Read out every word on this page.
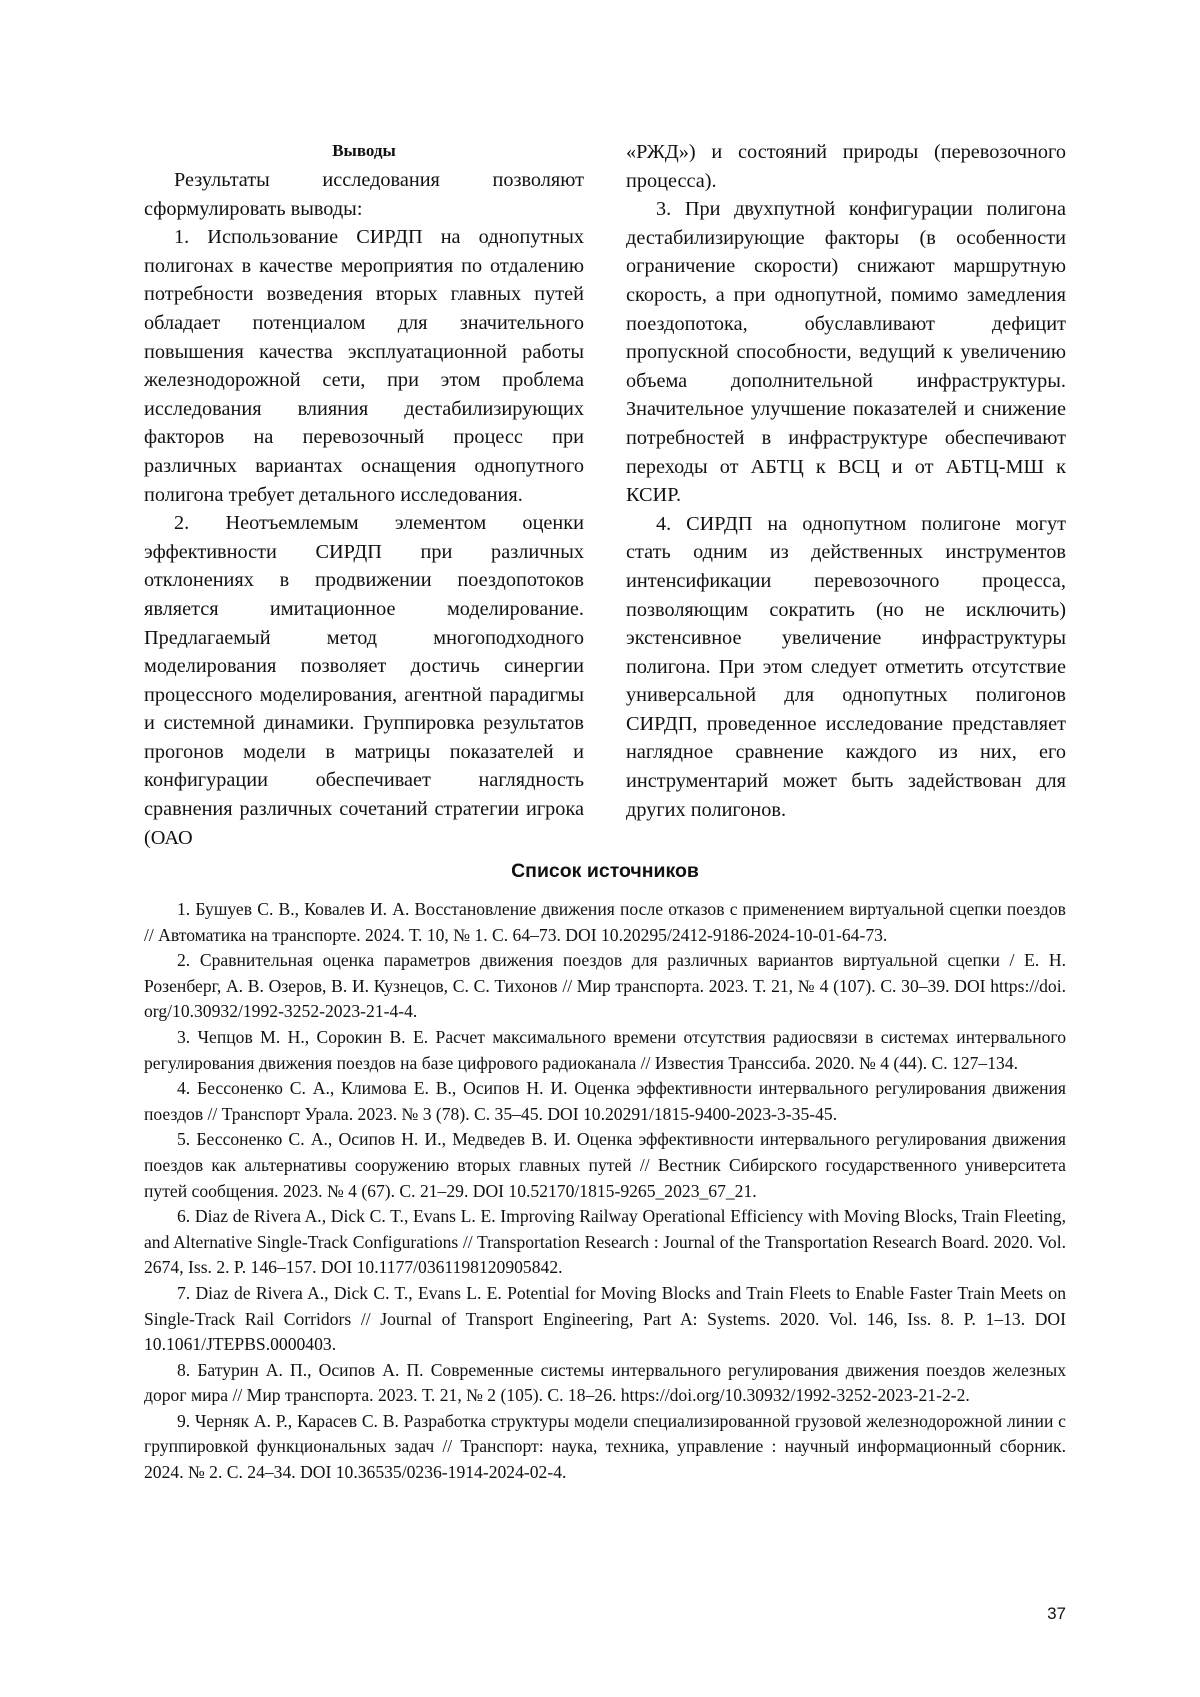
Выводы

Результаты исследования позволяют сформулировать выводы:

1. Использование СИРДП на однопутных полигонах в качестве мероприятия по отдалению потребности возведения вторых главных путей обладает потенциалом для значительного повышения качества эксплуатационной работы железнодорожной сети, при этом проблема исследования влияния дестабилизирующих факторов на перевозочный процесс при различных вариантах оснащения однопутного полигона требует детального исследования.

2. Неотъемлемым элементом оценки эффективности СИРДП при различных отклонениях в продвижении поездопотоков является имитационное моделирование. Предлагаемый метод многоподходного моделирования позволяет достичь синергии процессного моделирования, агентной парадигмы и системной динамики. Группировка результатов прогонов модели в матрицы показателей и конфигурации обеспечивает наглядность сравнения различных сочетаний стратегии игрока (ОАО

«РЖД») и состояний природы (перевозочного процесса).

3. При двухпутной конфигурации полигона дестабилизирующие факторы (в особенности ограничение скорости) снижают маршрутную скорость, а при однопутной, помимо замедления поездопотока, обуславливают дефицит пропускной способности, ведущий к увеличению объема дополнительной инфраструктуры. Значительное улучшение показателей и снижение потребностей в инфраструктуре обеспечивают переходы от АБТЦ к ВСЦ и от АБТЦ-МШ к КСИР.

4. СИРДП на однопутном полигоне могут стать одним из действенных инструментов интенсификации перевозочного процесса, позволяющим сократить (но не исключить) экстенсивное увеличение инфраструктуры полигона. При этом следует отметить отсутствие универсальной для однопутных полигонов СИРДП, проведенное исследование представляет наглядное сравнение каждого из них, его инструментарий может быть задействован для других полигонов.

Список источников

1. Бушуев С. В., Ковалев И. А. Восстановление движения после отказов с применением виртуальной сцепки поездов // Автоматика на транспорте. 2024. Т. 10, № 1. С. 64–73. DOI 10.20295/2412-9186-2024-10-01-64-73.

2. Сравнительная оценка параметров движения поездов для различных вариантов виртуальной сцепки / Е. Н. Розенберг, А. В. Озеров, В. И. Кузнецов, С. С. Тихонов // Мир транспорта. 2023. Т. 21, № 4 (107). С. 30–39. DOI https://doi. org/10.30932/1992-3252-2023-21-4-4.

3. Чепцов М. Н., Сорокин В. Е. Расчет максимального времени отсутствия радиосвязи в системах интервального регулирования движения поездов на базе цифрового радиоканала // Известия Транссиба. 2020. № 4 (44). С. 127–134.

4. Бессоненко С. А., Климова Е. В., Осипов Н. И. Оценка эффективности интервального регулирования движения поездов // Транспорт Урала. 2023. № 3 (78). С. 35–45. DOI 10.20291/1815-9400-2023-3-35-45.

5. Бессоненко С. А., Осипов Н. И., Медведев В. И. Оценка эффективности интервального регулирования движения поездов как альтернативы сооружению вторых главных путей // Вестник Сибирского государственного университета путей сообщения. 2023. № 4 (67). С. 21–29. DOI 10.52170/1815-9265_2023_67_21.

6. Diaz de Rivera A., Dick C. T., Evans L. E. Improving Railway Operational Efficiency with Moving Blocks, Train Fleeting, and Alternative Single-Track Configurations // Transportation Research : Journal of the Transportation Research Board. 2020. Vol. 2674, Iss. 2. P. 146–157. DOI 10.1177/0361198120905842.

7. Diaz de Rivera A., Dick C. T., Evans L. E. Potential for Moving Blocks and Train Fleets to Enable Faster Train Meets on Single-Track Rail Corridors // Journal of Transport Engineering, Part A: Systems. 2020. Vol. 146, Iss. 8. P. 1–13. DOI 10.1061/JTEPBS.0000403.

8. Батурин А. П., Осипов А. П. Современные системы интервального регулирования движения поездов железных дорог мира // Мир транспорта. 2023. Т. 21, № 2 (105). С. 18–26. https://doi.org/10.30932/1992-3252-2023-21-2-2.

9. Черняк А. Р., Карасев С. В. Разработка структуры модели специализированной грузовой железнодорожной линии с группировкой функциональных задач // Транспорт: наука, техника, управление : научный информационный сборник. 2024. № 2. С. 24–34. DOI 10.36535/0236-1914-2024-02-4.

37
